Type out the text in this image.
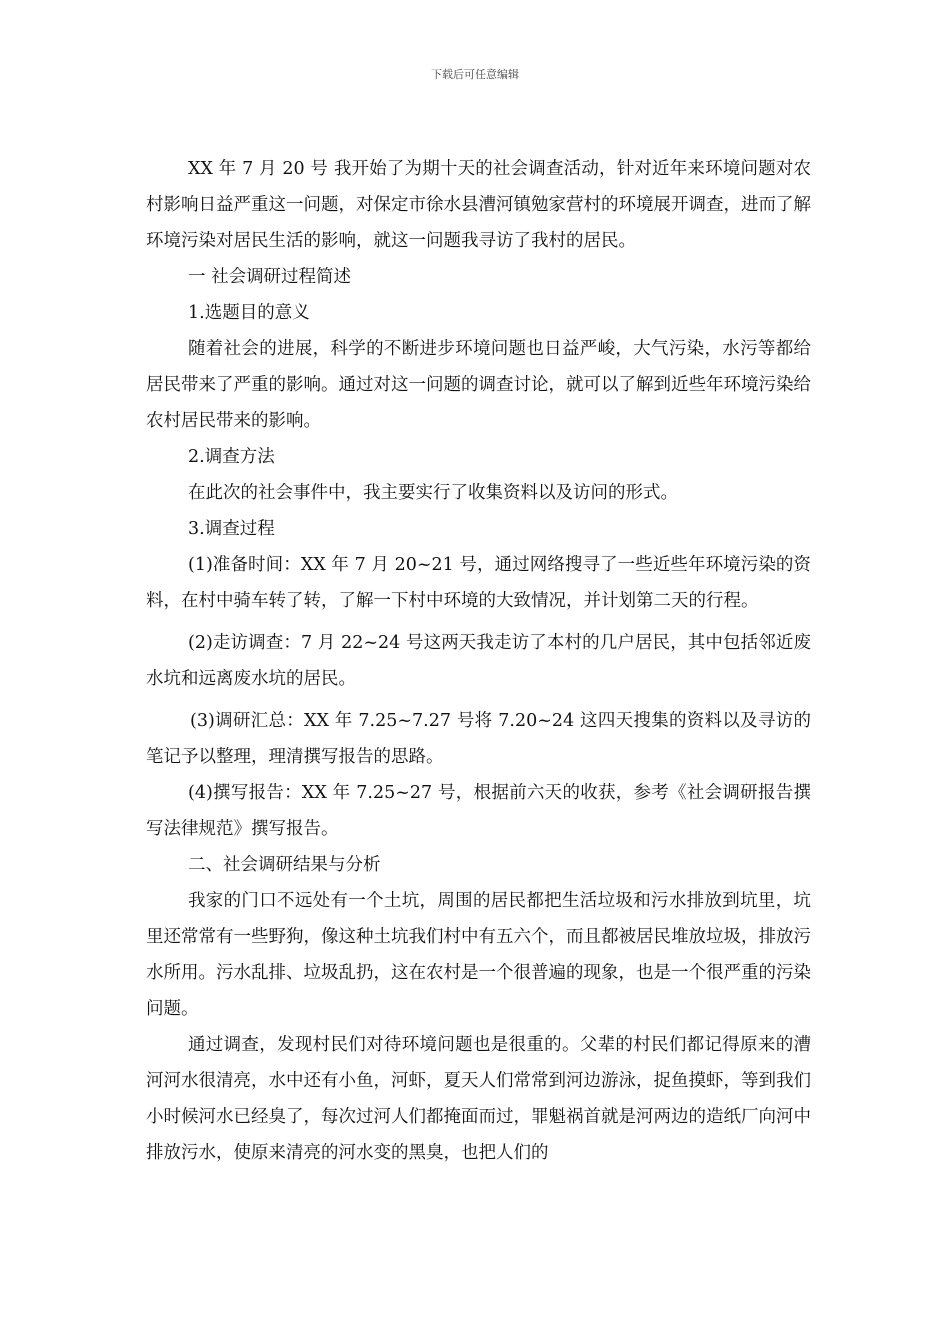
下载后可任意编辑

XX 年 7 月 20 号 我开始了为期十天的社会调查活动，针对近年来环境问题对农村影响日益严重这一问题，对保定市徐水县漕河镇勉家营村的环境展开调查，进而了解环境污染对居民生活的影响，就这一问题我寻访了我村的居民。

一 社会调研过程简述

1.选题目的意义

随着社会的进展，科学的不断进步环境问题也日益严峻，大气污染，水污等都给居民带来了严重的影响。通过对这一问题的调查讨论，就可以了解到近些年环境污染给农村居民带来的影响。

2.调查方法

在此次的社会事件中，我主要实行了收集资料以及访问的形式。

3.调查过程

(1)准备时间：XX 年 7 月 20~21 号，通过网络搜寻了一些近些年环境污染的资料，在村中骑车转了转，了解一下村中环境的大致情况，并计划第二天的行程。

(2)走访调查：7 月 22~24 号这两天我走访了本村的几户居民，其中包括邻近废水坑和远离废水坑的居民。

(3)调研汇总：XX 年 7.25~7.27 号将 7.20~24 这四天搜集的资料以及寻访的笔记予以整理，理清撰写报告的思路。

(4)撰写报告：XX 年 7.25~27 号，根据前六天的收获，参考《社会调研报告撰写法律规范》撰写报告。

二、社会调研结果与分析

我家的门口不远处有一个土坑，周围的居民都把生活垃圾和污水排放到坑里，坑里还常常有一些野狗，像这种土坑我们村中有五六个，而且都被居民堆放垃圾，排放污水所用。污水乱排、垃圾乱扔，这在农村是一个很普遍的现象，也是一个很严重的污染问题。

通过调查，发现村民们对待环境问题也是很重的。父辈的村民们都记得原来的漕河河水很清亮，水中还有小鱼，河虾，夏天人们常常到河边游泳，捉鱼摸虾，等到我们小时候河水已经臭了，每次过河人们都掩面而过，罪魁祸首就是河两边的造纸厂向河中排放污水，使原来清亮的河水变的黑臭，也把人们的
